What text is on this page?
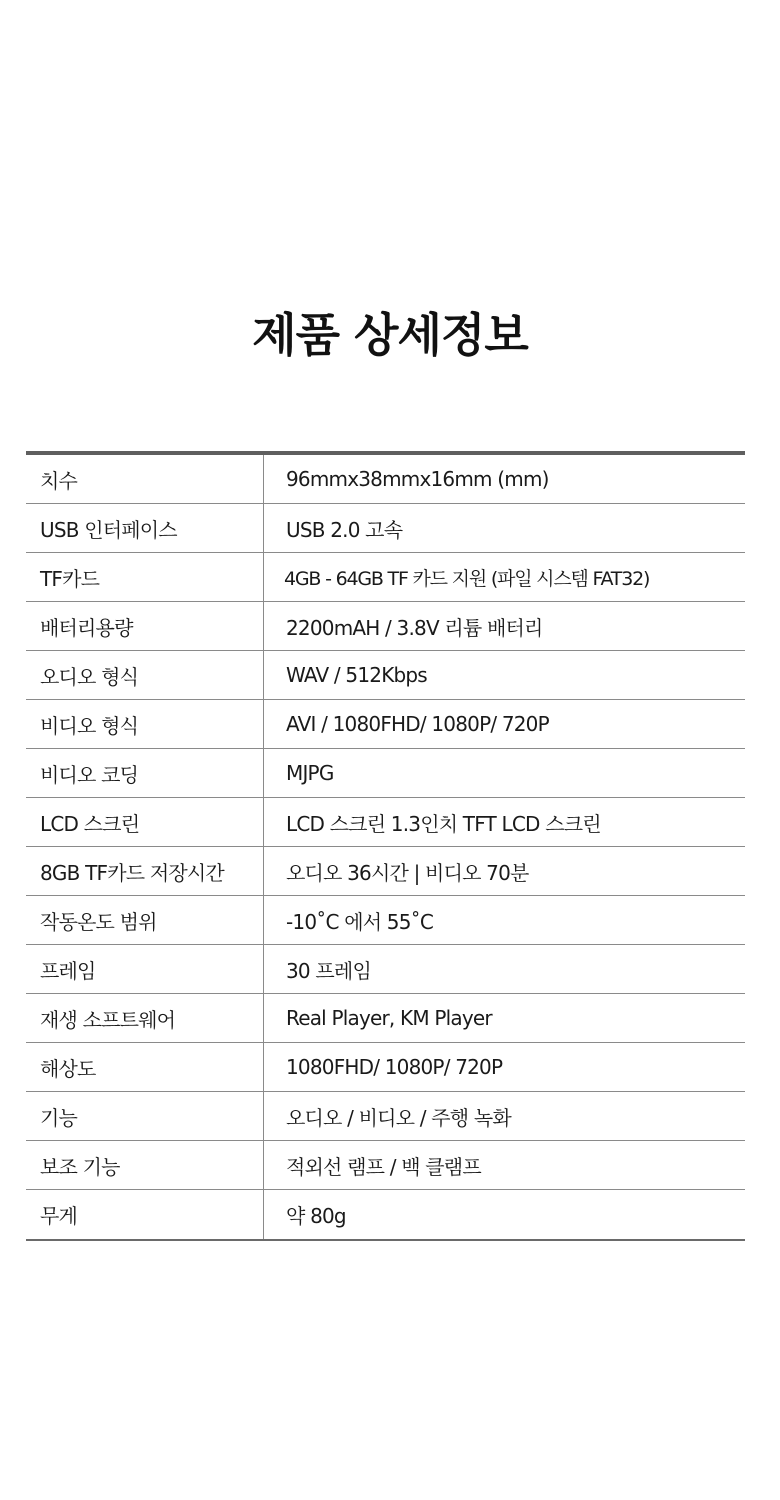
제품 상세정보
치수	96mmx38mmx16mm (mm)
USB 인터페이스	USB 2.0 고속
TF카드	4GB - 64GB TF 카드 지원 (파일 시스템 FAT32)
배터리용량	2200mAH / 3.8V 리튬 배터리
오디오 형식	WAV / 512Kbps
비디오 형식	AVI / 1080FHD/ 1080P/ 720P
비디오 코딩	MJPG
LCD 스크린	LCD 스크린 1.3인치 TFT LCD 스크린
8GB TF카드 저장시간	오디오 36시간 | 비디오 70분
작동온도 범위	-10˚C 에서 55˚C
프레임	30 프레임
재생 소프트웨어	Real Player, KM Player
해상도	1080FHD/ 1080P/ 720P
기능	오디오 / 비디오 / 주행 녹화
보조 기능	적외선 램프 / 백 클램프
무게	약 80g
